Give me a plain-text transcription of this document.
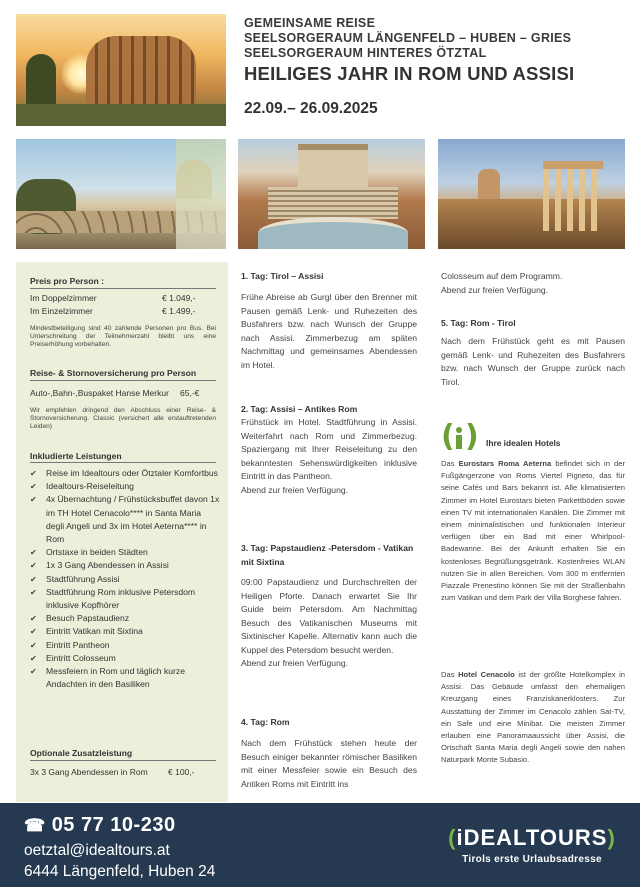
GEMEINSAME REISE
SEELSORGERAUM LÄNGENFELD – HUBEN – GRIES
SEELSORGERAUM HINTERES ÖTZTAL
HEILIGES JAHR IN ROM UND ASSISI
22.09.– 26.09.2025
Preis pro Person :
Im Doppelzimmer	€ 1.049,-
Im Einzelzimmer	€ 1.499,-
Mindestbeteiligung sind 40 zahlende Personen pro Bus. Bei Unterschreitung der Teilnehmerzahl bleibt uns eine Preiserhöhung vorbehalten.
Reise- & Stornoversicherung pro Person
Auto-,Bahn-,Buspaket Hanse Merkur 65,-€
Wir empfehlen dringend den Abschluss einer Reise- & Stornoversicherung. Classic (versichert alle erstauftretenden Leiden)
Inkludierte Leistungen
✔ Reise im Idealtours oder Ötztaler Komfortbus
✔ Idealtours-Reiseleitung
✔ 4x Übernachtung / Frühstücksbuffet davon 1x im TH Hotel Cenacolo**** in Santa Maria degli Angeli und 3x im Hotel Aeterna**** in Rom
✔ Ortstaxe in beiden Städten
✔ 1x 3 Gang Abendessen in Assisi
✔ Stadtführung Assisi
✔ Stadtführung Rom inklusive Petersdom inklusive Kopfhörer
✔ Besuch Papstaudienz
✔ Eintritt Vatikan mit Sixtina
✔ Eintritt Pantheon
✔ Eintritt Colosseum
✔ Messfeiern in Rom und täglich kurze Andachten in den Basiliken
Optionale Zusatzleistung
3x 3 Gang Abendessen in Rom € 100,-
1. Tag: Tirol – Assisi

Frühe Abreise ab Gurgl über den Brenner mit Pausen gemäß Lenk- und Ruhezeiten des Busfahrers bzw. nach Wunsch der Gruppe nach Assisi. Zimmerbezug am späten Nachmittag und gemeinsames Abendessen im Hotel.

2. Tag: Assisi – Antikes Rom

Frühstück im Hotel. Stadtführung in Assisi. Weiterfahrt nach Rom und Zimmerbezug. Spaziergang mit Ihrer Reiseleitung zu den bekanntesten Sehenswürdigkeiten inklusive Eintritt in das Pantheon.

Abend zur freien Verfügung.

3. Tag: Papstaudienz -Petersdom - Vatikan mit Sixtina

09:00 Papstaudienz und Durchschreiten der Heiligen Pforte. Danach erwartet Sie Ihr Guide beim Petersdom. Am Nachmittag Besuch des Vatikanischen Museums mit Sixtinischer Kapelle. Alternativ kann auch die Kuppel des Petersdom besucht werden.

Abend zur freien Verfügung.

4. Tag: Rom

Nach dem Frühstück stehen heute der Besuch einiger bekannter römischer Basiliken mit einer Messfeier sowie ein Besuch des Antiken Roms mit Eintritt ins

Colosseum auf dem Programm.

Abend zur freien Verfügung.

5. Tag: Rom - Tirol

Nach dem Frühstück geht es mit Pausen gemäß Lenk- und Ruhezeiten des Busfahrers bzw. nach Wunsch der Gruppe zurück nach Tirol.

( ) Ihre idealen Hotels
Das Eurostars Roma Aeterna befindet sich in der Fußgängerzone von Roms Viertel Pigneto, das für seine Cafés und Bars bekannt ist. Alle klimatisierten Zimmer im Hotel Eurostars bieten Parkettböden sowie einen TV mit internationalen Kanälen. Die Zimmer mit einem minimalistischen und funktionalen Interieur verfügen über ein Bad mit einer Whirlpool-Badewanne. Bei der Ankunft erhalten Sie ein kostenloses Begrüßungsgetränk. Kostenfreies WLAN nutzen Sie in allen Bereichen. Vom 300 m entfernten Piazzale Prenestino können Sie mit der Straßenbahn zum Vatikan und dem Park der Villa Borghese fahren.
Das Hotel Cenacolo ist der größte Hotelkomplex in Assisi. Das Gebäude umfasst den ehemaligen Kreuzgang eines Franziskanerklosters. Zur Ausstattung der Zimmer im Cenacolo zählen Sat-TV, ein Safe und eine Minibar. Die meisten Zimmer erlauben eine Panoramaaussicht über Assisi, die Ortschaft Santa Maria degli Angeli sowie den nahen Naturpark Monte Subasio.
☎ 05 77 10-230
oetzta​l@idealtours.at
6444 Längenfeld, Huben 24
(iDEALTOURS)
Tirols erste Urlaubsadresse
